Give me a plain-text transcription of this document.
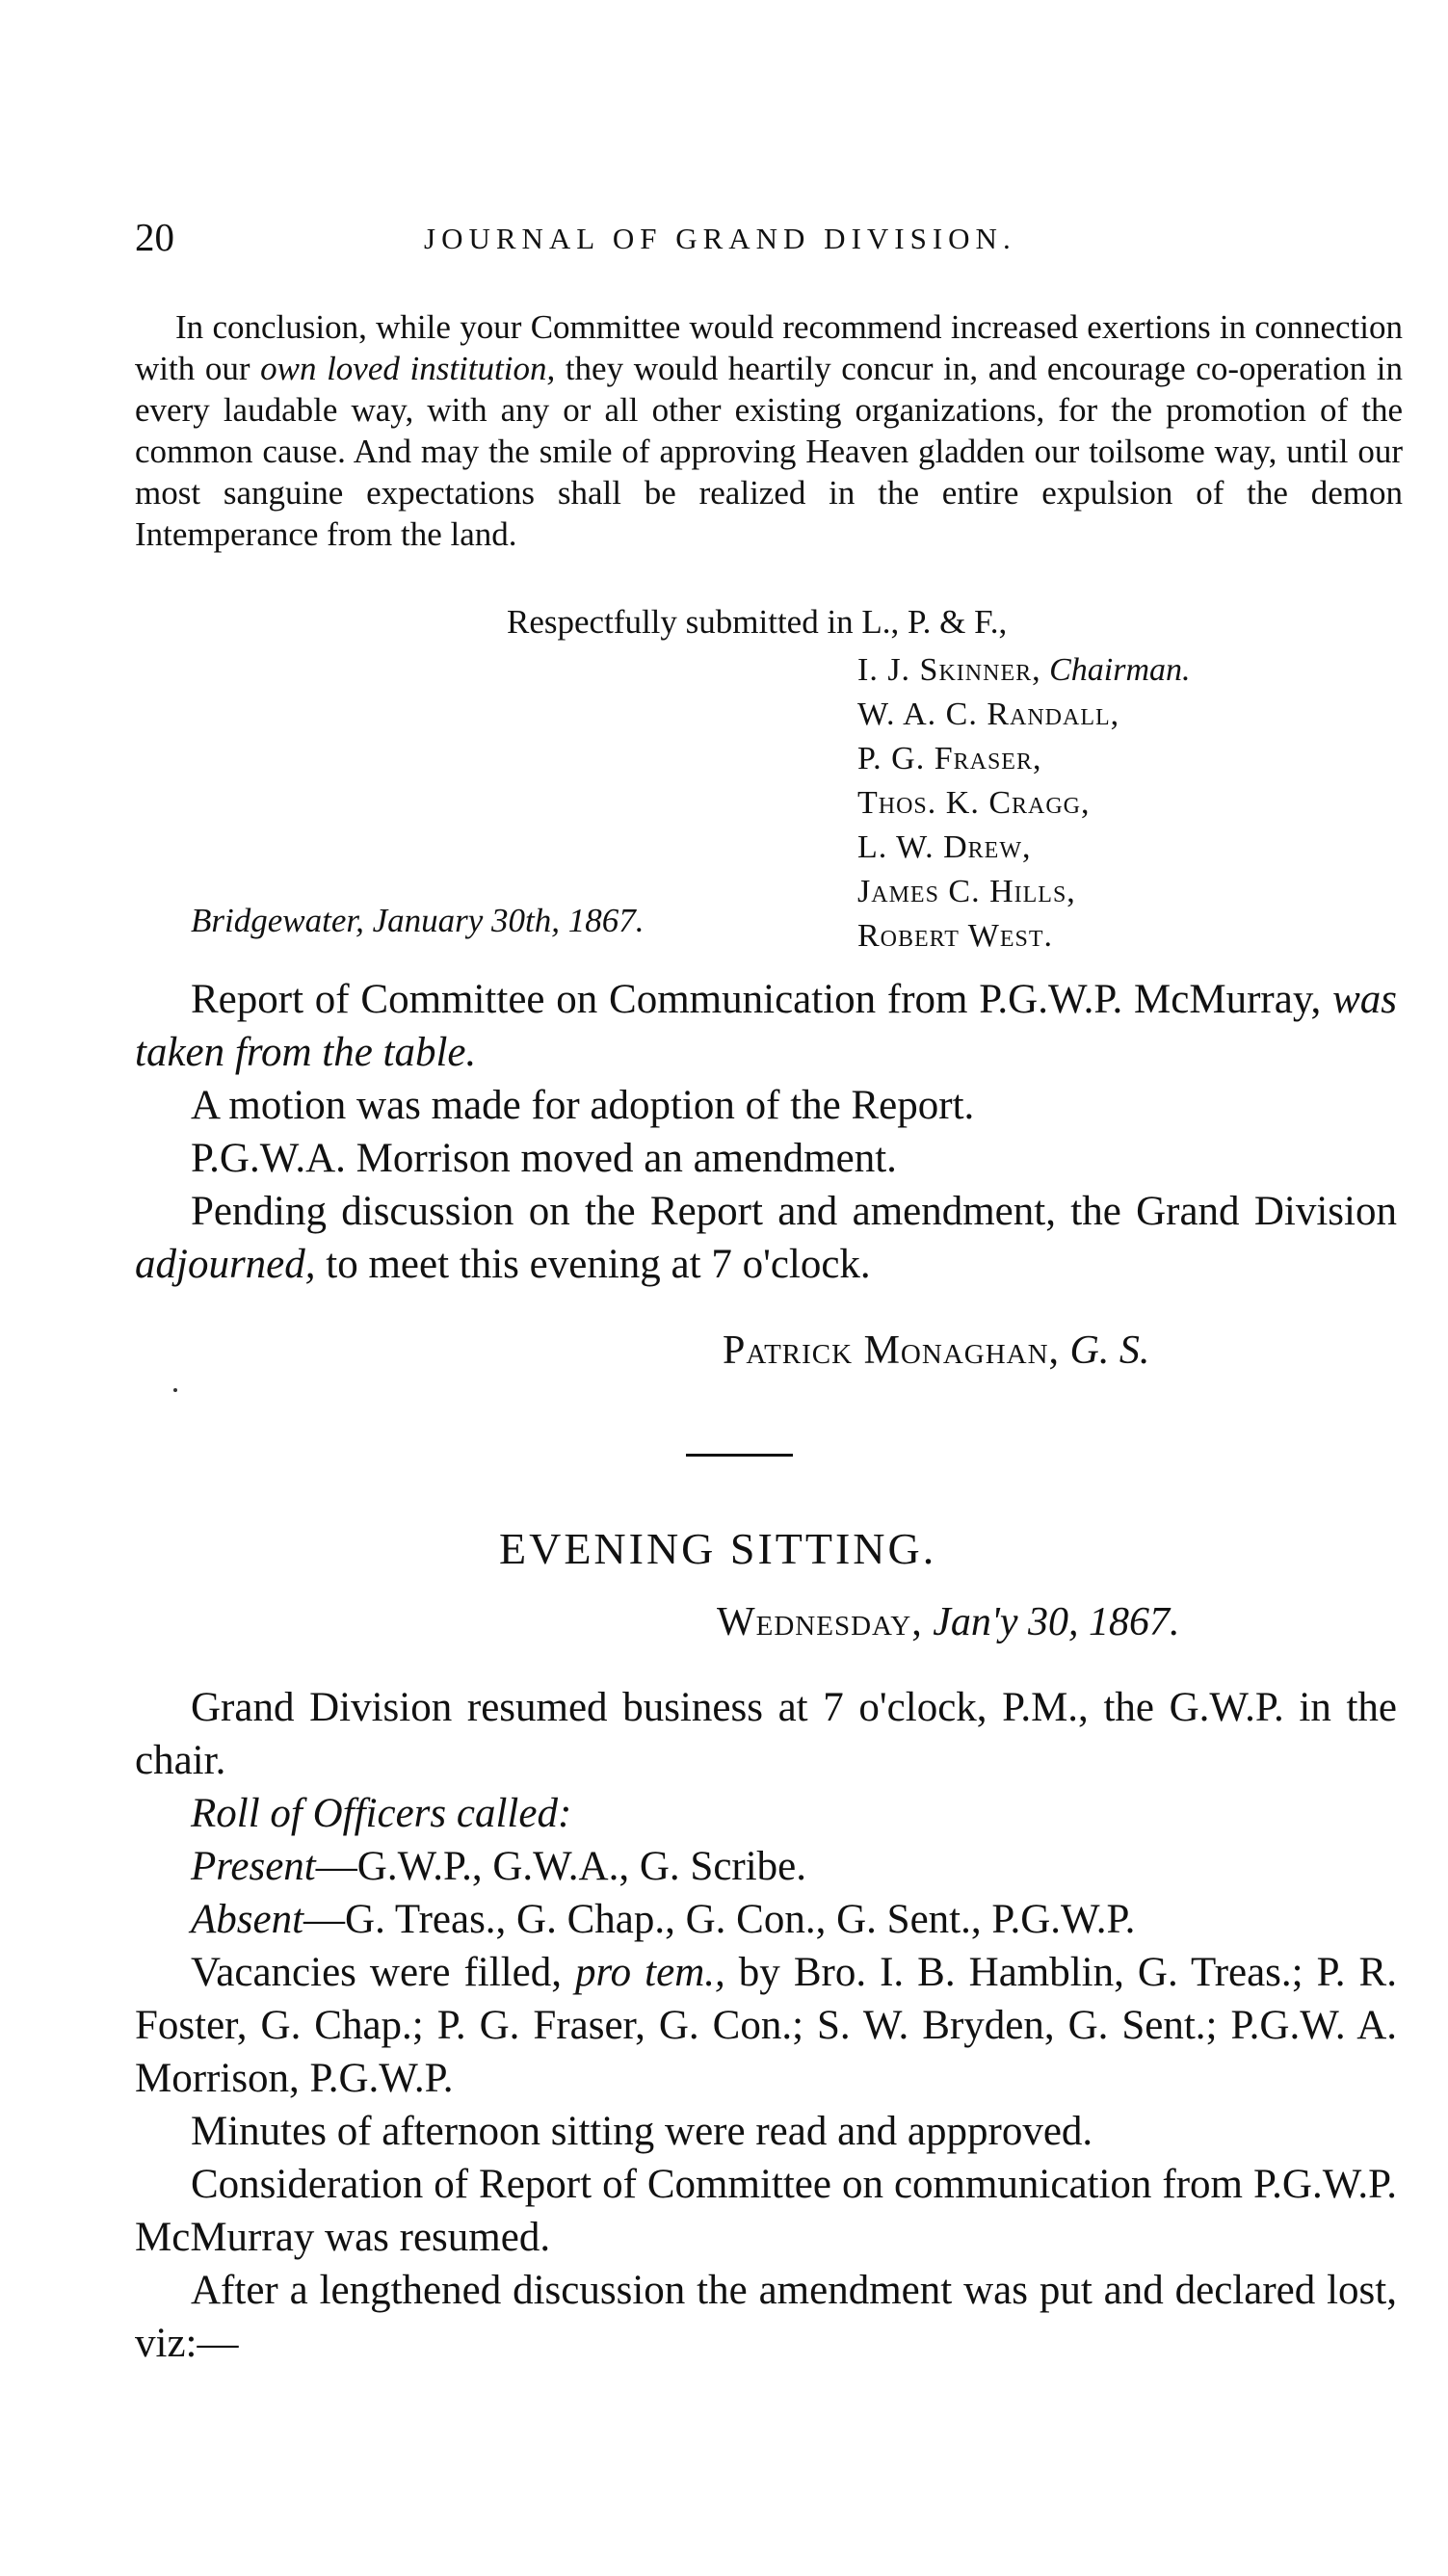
20	JOURNAL OF GRAND DIVISION.

In conclusion, while your Committee would recommend increased exertions in connection with our own loved institution, they would heartily concur in, and encourage co-operation in every laudable way, with any or all other existing organizations, for the promotion of the common cause. And may the smile of approving Heaven gladden our toilsome way, until our most sanguine expectations shall be realized in the entire expulsion of the demon Intemperance from the land.

Respectfully submitted in L., P. & F.,
I. J. Skinner, Chairman.
W. A. C. Randall,
P. G. Fraser,
Thos. K. Cragg,
L. W. Drew,
James C. Hills,
Robert West.
Bridgewater, January 30th, 1867.

Report of Committee on Communication from P.G.W.P. McMurray, was taken from the table.

A motion was made for adoption of the Report.

P.G.W.A. Morrison moved an amendment.

Pending discussion on the Report and amendment, the Grand Division adjourned, to meet this evening at 7 o'clock.

Patrick Monaghan, G. S.
EVENING SITTING.
Wednesday, Jan'y 30, 1867.

Grand Division resumed business at 7 o'clock, P.M., the G.W.P. in the chair.

Roll of Officers called:

Present—G.W.P., G.W.A., G. Scribe.

Absent—G. Treas., G. Chap., G. Con., G. Sent., P.G.W.P.

Vacancies were filled, pro tem., by Bro. I. B. Hamblin, G. Treas.; P. R. Foster, G. Chap.; P. G. Fraser, G. Con.; S. W. Bryden, G. Sent.; P.G.W. A. Morrison, P.G.W.P.

Minutes of afternoon sitting were read and appproved.

Consideration of Report of Committee on communication from P.G.W.P. McMurray was resumed.

After a lengthened discussion the amendment was put and declared lost, viz:—
